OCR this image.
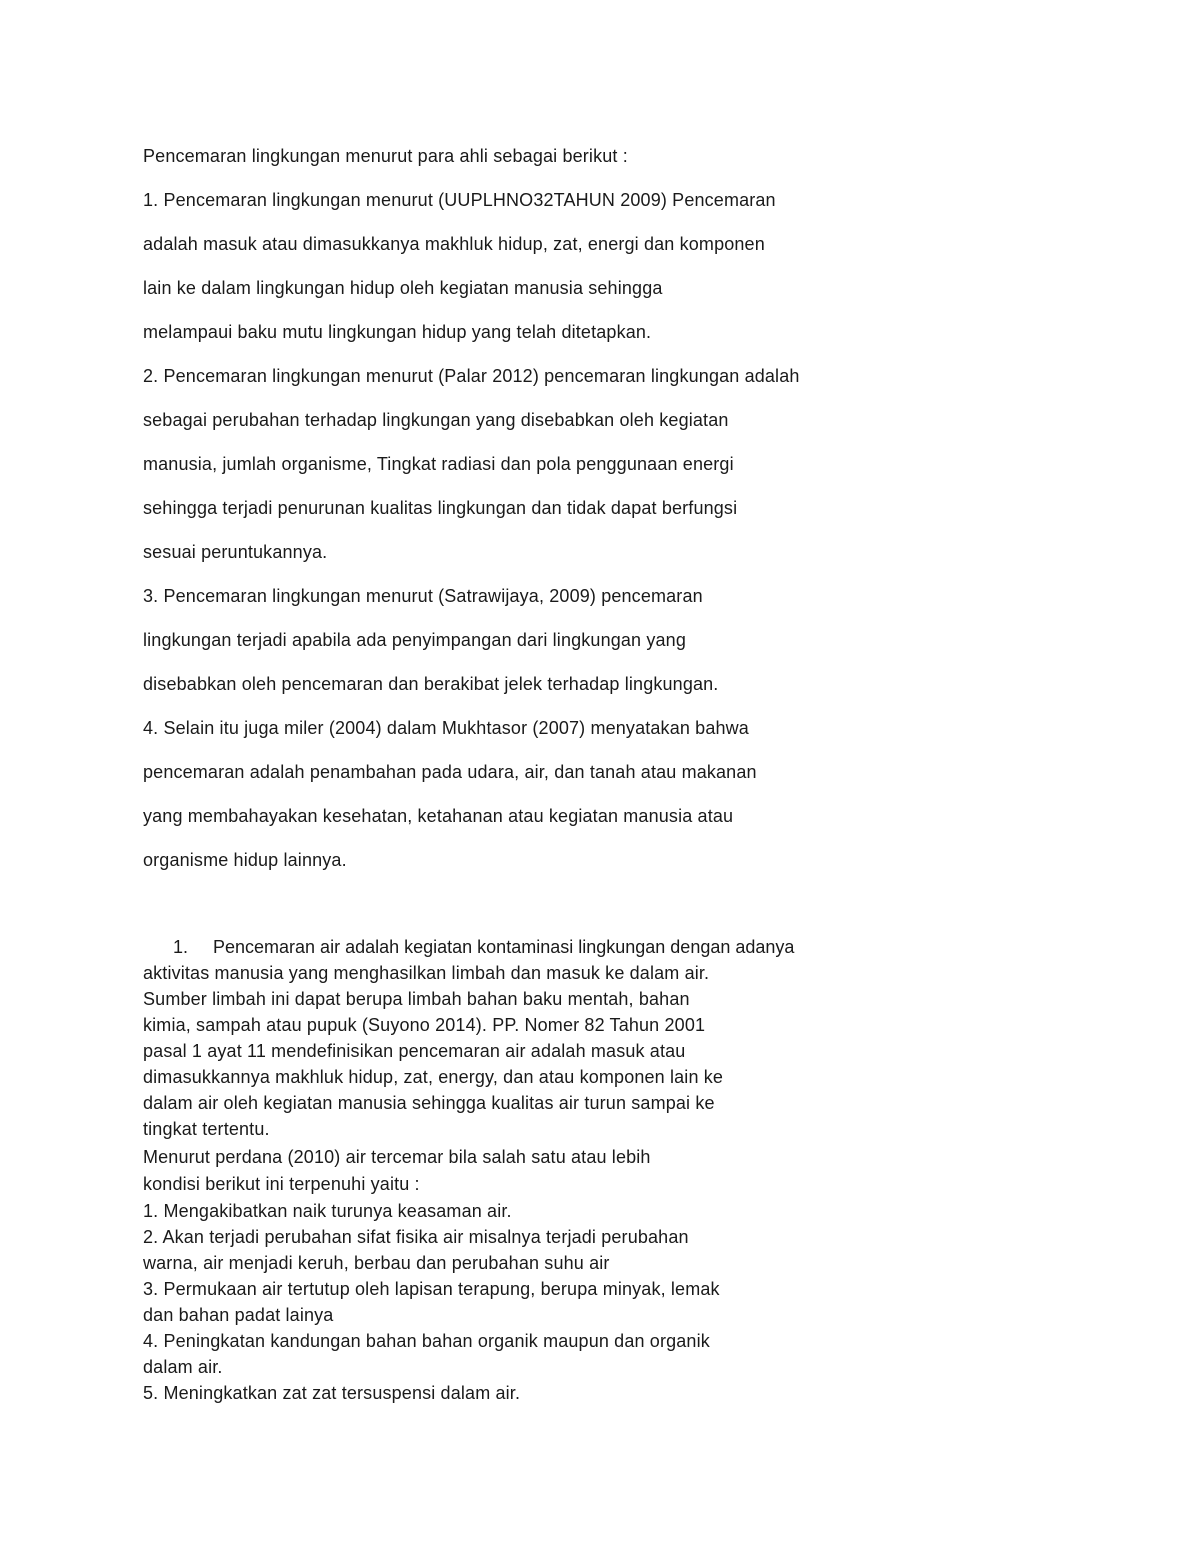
Pencemaran lingkungan menurut para ahli sebagai berikut :
1. Pencemaran lingkungan menurut (UUPLHNO32TAHUN 2009) Pencemaran
adalah masuk atau dimasukkanya makhluk hidup, zat, energi dan komponen
lain ke dalam lingkungan hidup oleh kegiatan manusia sehingga
melampaui baku mutu lingkungan hidup yang telah ditetapkan.
2. Pencemaran lingkungan menurut (Palar 2012) pencemaran lingkungan adalah
sebagai perubahan terhadap lingkungan yang disebabkan oleh kegiatan
manusia, jumlah organisme, Tingkat radiasi dan pola penggunaan energi
sehingga terjadi penurunan kualitas lingkungan dan tidak dapat berfungsi
sesuai peruntukannya.
3. Pencemaran lingkungan menurut (Satrawijaya, 2009) pencemaran
lingkungan terjadi apabila ada penyimpangan dari lingkungan yang
disebabkan oleh pencemaran dan berakibat jelek terhadap lingkungan.
4. Selain itu juga miler (2004) dalam Mukhtasor (2007) menyatakan bahwa
pencemaran adalah penambahan pada udara, air, dan tanah atau makanan
yang membahayakan kesehatan, ketahanan atau kegiatan manusia atau
organisme hidup lainnya.
1. Pencemaran air adalah kegiatan kontaminasi lingkungan dengan adanya
aktivitas manusia yang menghasilkan limbah dan masuk ke dalam air.
Sumber limbah ini dapat berupa limbah bahan baku mentah, bahan
kimia, sampah atau pupuk (Suyono 2014). PP. Nomer 82 Tahun 2001
pasal 1 ayat 11 mendefinisikan pencemaran air adalah masuk atau
dimasukkannya makhluk hidup, zat, energy, dan atau komponen lain ke
dalam air oleh kegiatan manusia sehingga kualitas air turun sampai ke
tingkat tertentu.
Menurut perdana (2010) air tercemar bila salah satu atau lebih
kondisi berikut ini terpenuhi yaitu :
1. Mengakibatkan naik turunya keasaman air.
2. Akan terjadi perubahan sifat fisika air misalnya terjadi perubahan
warna, air menjadi keruh, berbau dan perubahan suhu air
3. Permukaan air tertutup oleh lapisan terapung, berupa minyak, lemak
dan bahan padat lainya
4. Peningkatan kandungan bahan bahan organik maupun dan organik
dalam air.
5. Meningkatkan zat zat tersuspensi dalam air.
